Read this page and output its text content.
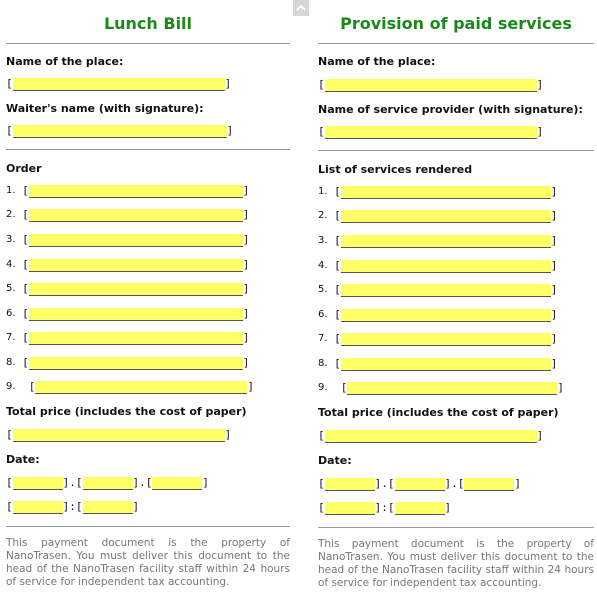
Lunch Bill
Name of the place:
[	]
Waiter's name (with signature):
[	]
Order
1. [	]
2. [	]
3. [	]
4. [	]
5. [	]
6. [	]
7. [	]
8. [	]
9. [	]
Total price (includes the cost of paper)
[	]
Date:
[	].[	].[	]
[	]:[	]
This payment document is the property of NanoTrasen. You must deliver this document to the head of the NanoTrasen facility staff within 24 hours of service for independent tax accounting.
Provision of paid services
Name of the place:
[	]
Name of service provider (with signature):
[	]
List of services rendered
1. [	]
2. [	]
3. [	]
4. [	]
5. [	]
6. [	]
7. [	]
8. [	]
9. [	]
Total price (includes the cost of paper)
[	]
Date:
[	].[	].[	]
[	]:[	]
This payment document is the property of NanoTrasen. You must deliver this document to the head of the NanoTrasen facility staff within 24 hours of service for independent tax accounting.
